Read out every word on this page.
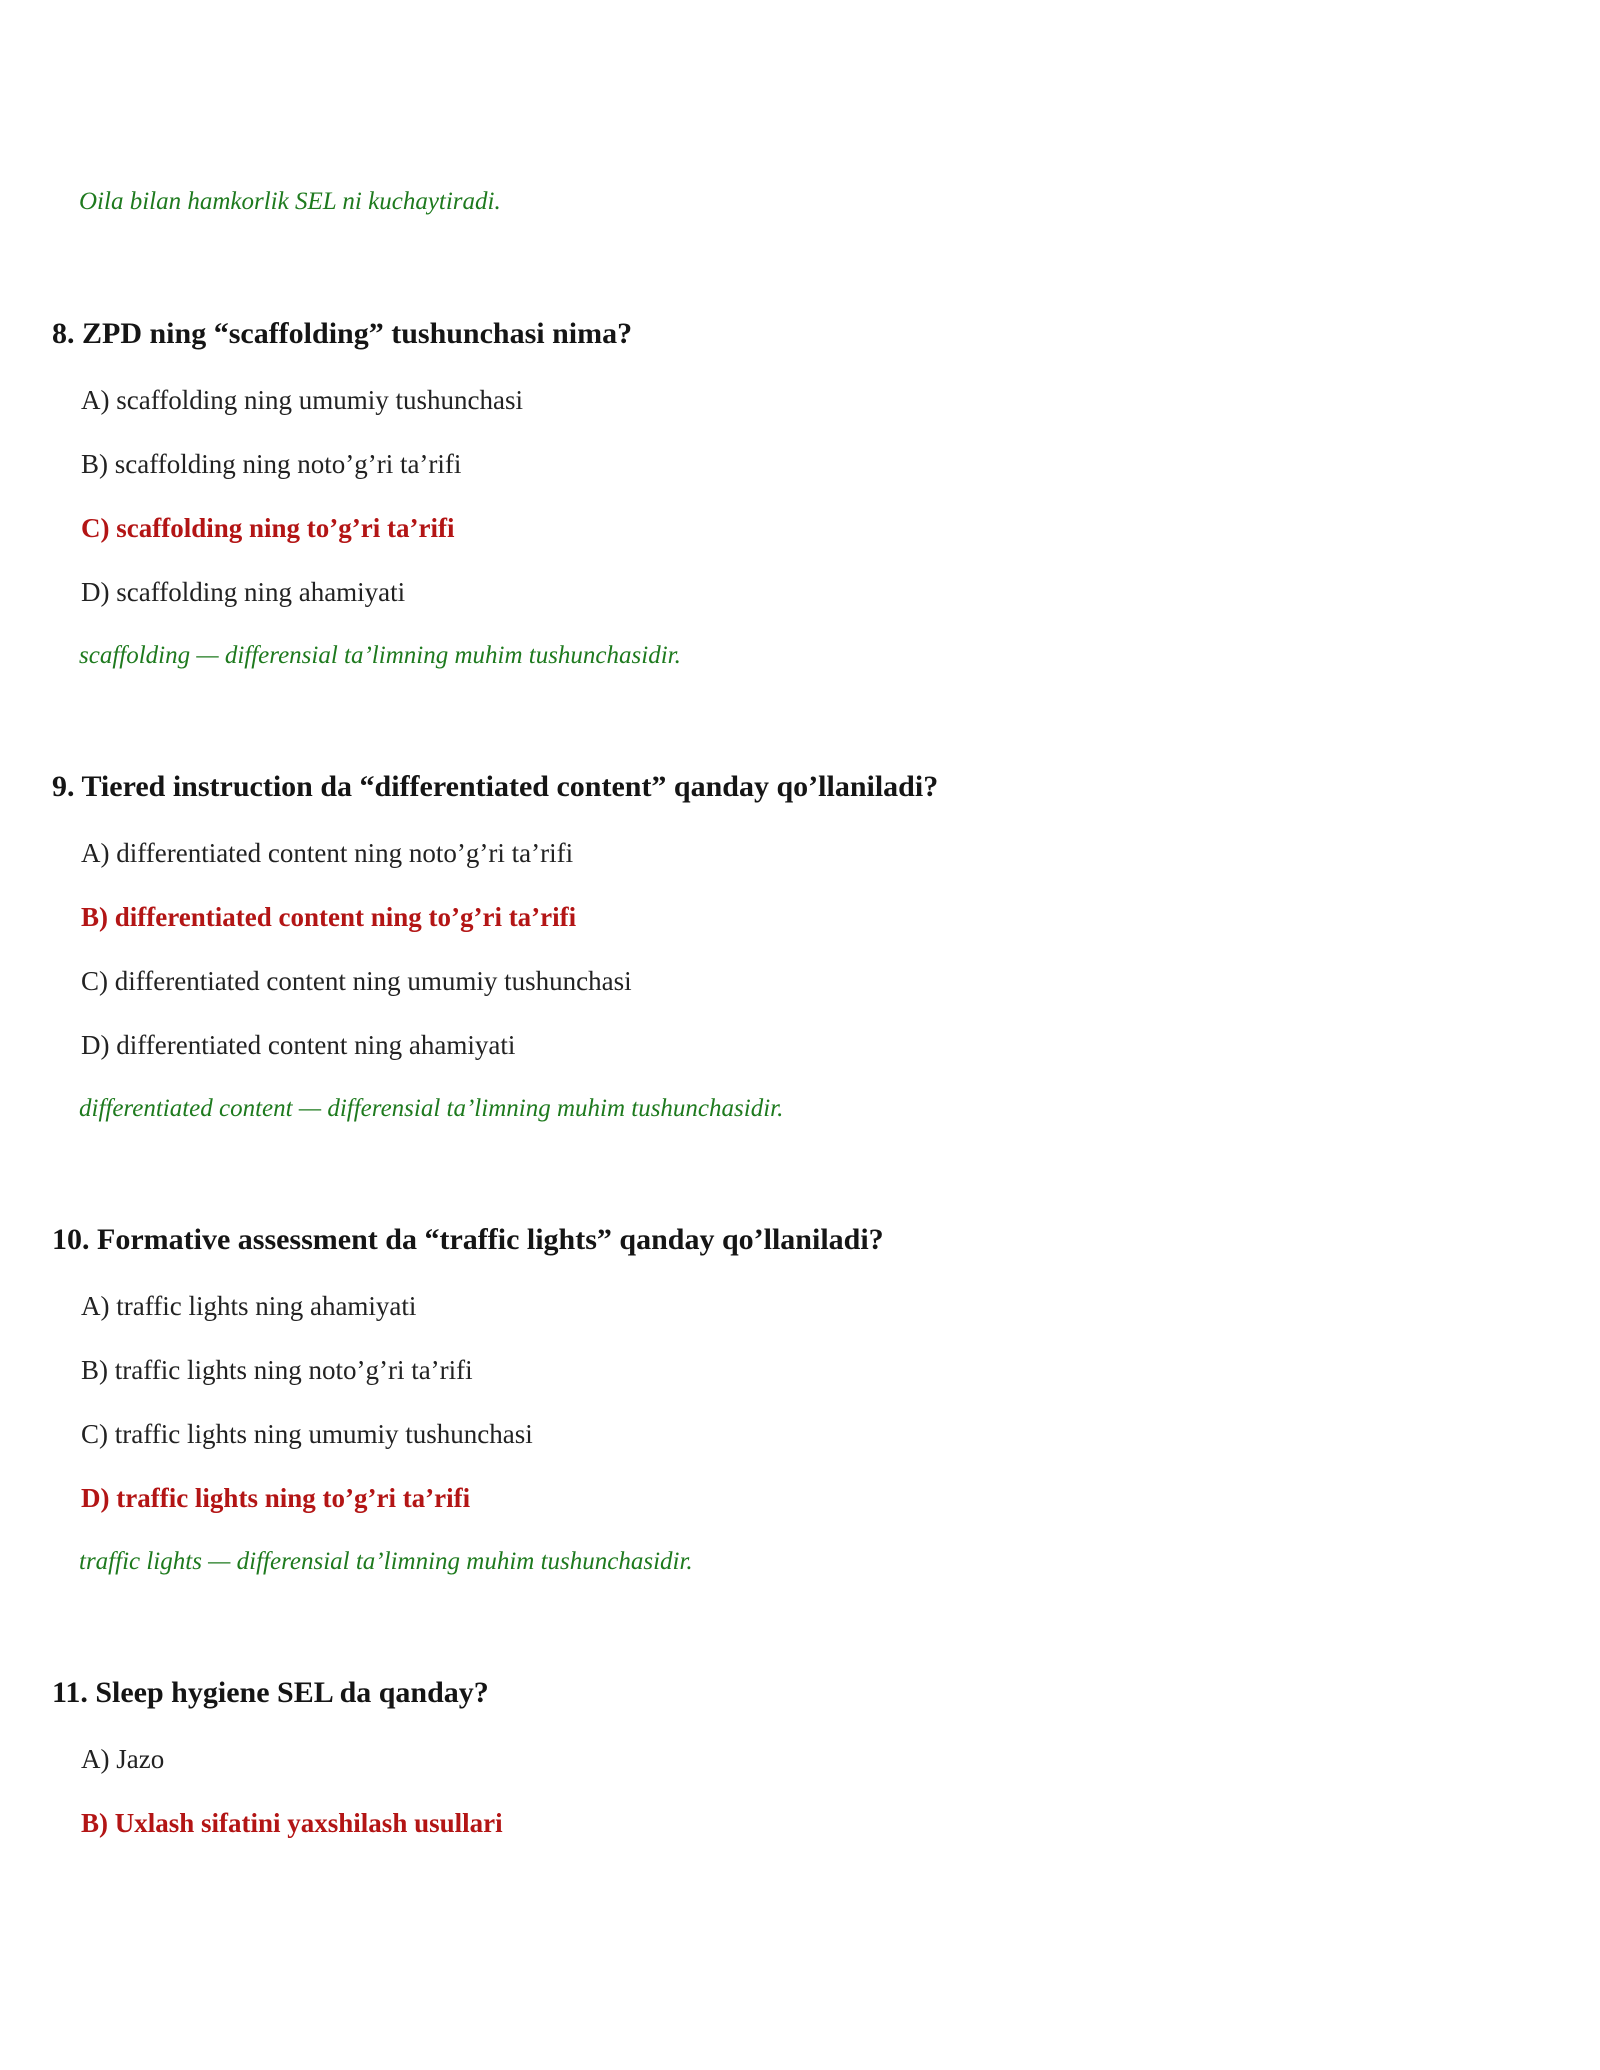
Oila bilan hamkorlik SEL ni kuchaytiradi.
8. ZPD ning “scaffolding” tushunchasi nima?
A) scaffolding ning umumiy tushunchasi
B) scaffolding ning noto’g’ri ta’rifi
C) scaffolding ning to’g’ri ta’rifi
D) scaffolding ning ahamiyati
scaffolding — differensial ta’limning muhim tushunchasidir.
9. Tiered instruction da “differentiated content” qanday qo’llaniladi?
A) differentiated content ning noto’g’ri ta’rifi
B) differentiated content ning to’g’ri ta’rifi
C) differentiated content ning umumiy tushunchasi
D) differentiated content ning ahamiyati
differentiated content — differensial ta’limning muhim tushunchasidir.
10. Formative assessment da “traffic lights” qanday qo’llaniladi?
A) traffic lights ning ahamiyati
B) traffic lights ning noto’g’ri ta’rifi
C) traffic lights ning umumiy tushunchasi
D) traffic lights ning to’g’ri ta’rifi
traffic lights — differensial ta’limning muhim tushunchasidir.
11. Sleep hygiene SEL da qanday?
A) Jazo
B) Uxlash sifatini yaxshilash usullari
